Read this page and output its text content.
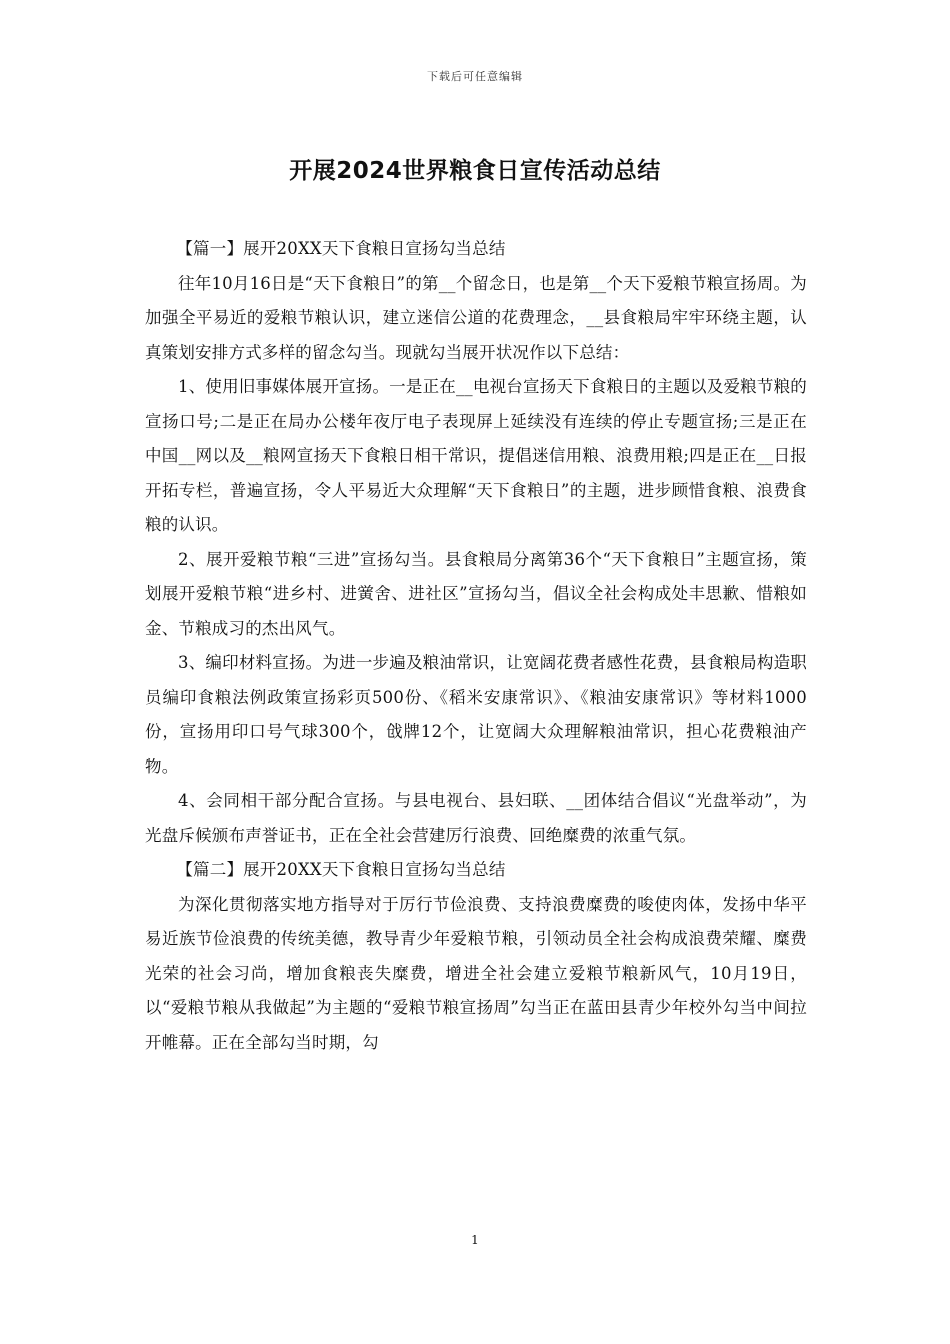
下载后可任意编辑
开展2024世界粮食日宣传活动总结

【篇一】展开20XX天下食粮日宣扬勾当总结

往年10月16日是“天下食粮日”的第__个留念日，也是第__个天下爱粮节粮宣扬周。为加强全平易近的爱粮节粮认识，建立迷信公道的花费理念，__县食粮局牢牢环绕主题，认真策划安排方式多样的留念勾当。现就勾当展开状况作以下总结：

1、使用旧事媒体展开宣扬。一是正在__电视台宣扬天下食粮日的主题以及爱粮节粮的宣扬口号;二是正在局办公楼年夜厅电子表现屏上延续没有连续的停止专题宣扬;三是正在中国__网以及__粮网宣扬天下食粮日相干常识，提倡迷信用粮、浪费用粮;四是正在__日报开拓专栏，普遍宣扬，令人平易近大众理解“天下食粮日”的主题，进步顾惜食粮、浪费食粮的认识。

2、展开爱粮节粮“三进”宣扬勾当。县食粮局分离第36个“天下食粮日”主题宣扬，策划展开爱粮节粮“进乡村、进黉舍、进社区”宣扬勾当，倡议全社会构成处丰思歉、惜粮如金、节粮成习的杰出风气。

3、编印材料宣扬。为进一步遍及粮油常识，让宽阔花费者感性花费，县食粮局构造职员编印食粮法例政策宣扬彩页500份、《稻米安康常识》、《粮油安康常识》等材料1000份，宣扬用印口号气球300个，戗牌12个，让宽阔大众理解粮油常识，担心花费粮油产物。

4、会同相干部分配合宣扬。与县电视台、县妇联、__团体结合倡议“光盘举动”，为光盘斥候颁布声誉证书，正在全社会营建厉行浪费、回绝糜费的浓重气氛。

【篇二】展开20XX天下食粮日宣扬勾当总结

为深化贯彻落实地方指导对于厉行节俭浪费、支持浪费糜费的唆使肉体，发扬中华平易近族节俭浪费的传统美德，教导青少年爱粮节粮，引领动员全社会构成浪费荣耀、糜费光荣的社会习尚，增加食粮丧失糜费，增进全社会建立爱粮节粮新风气，10月19日，以“爱粮节粮从我做起”为主题的“爱粮节粮宣扬周”勾当正在蓝田县青少年校外勾当中间拉开帷幕。正在全部勾当时期，勾

1
